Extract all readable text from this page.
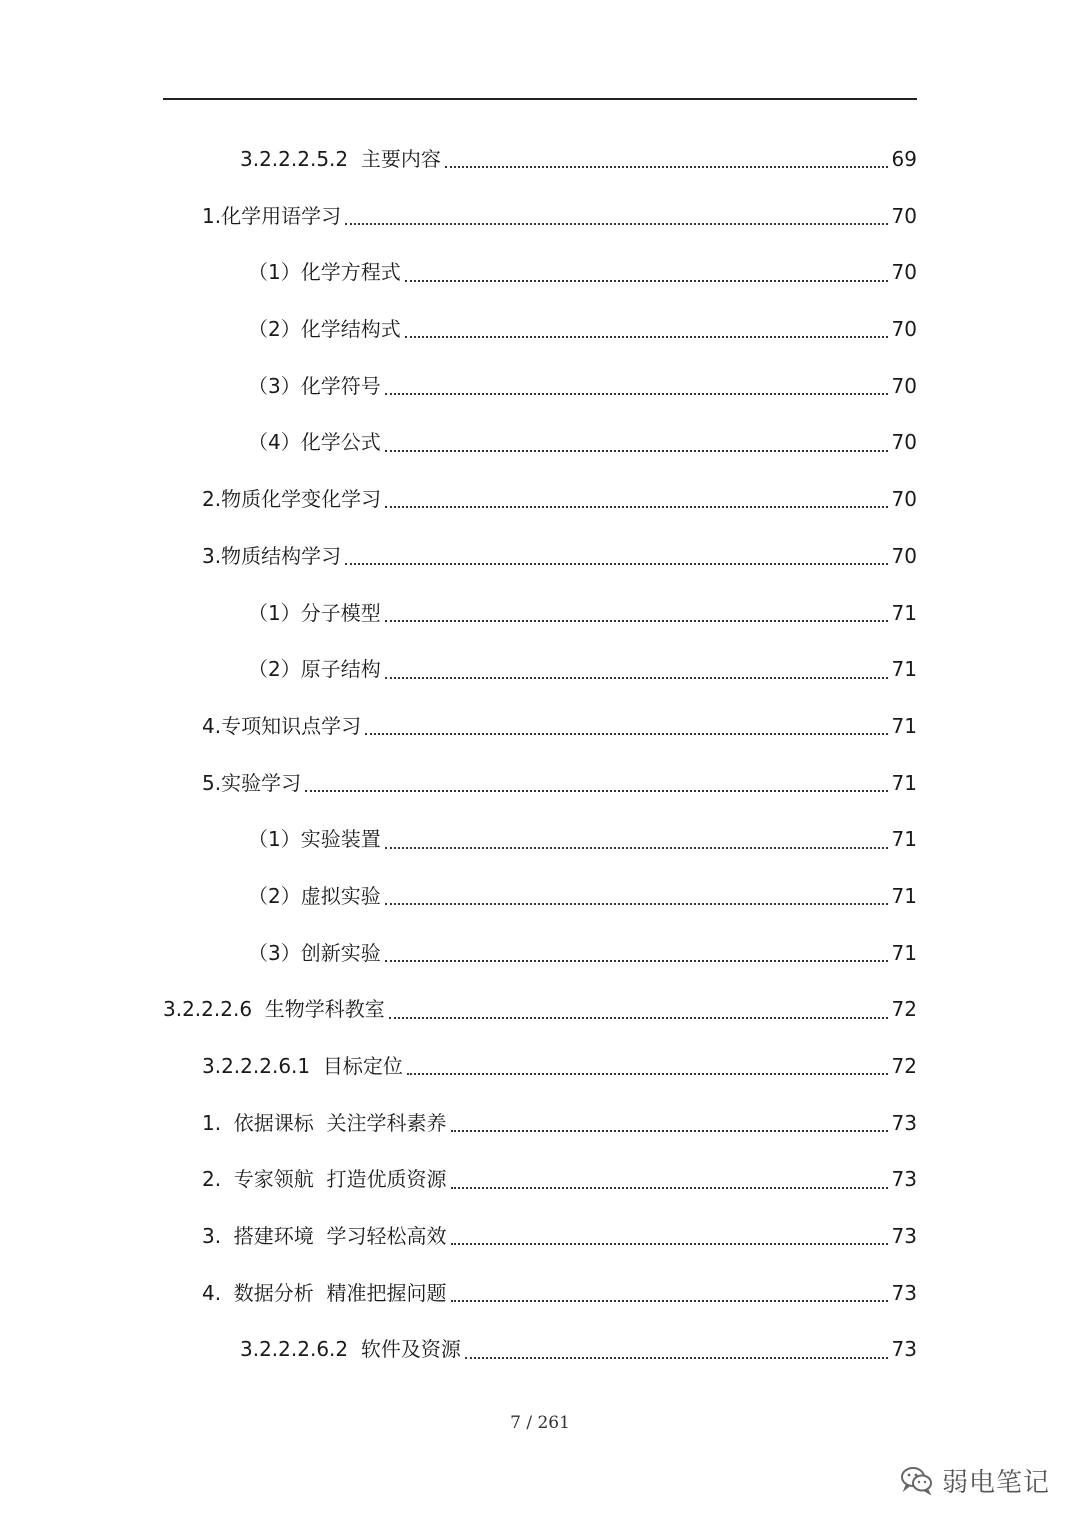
3.2.2.2.5.2  主要内容	69
1.化学用语学习	70
（1）化学方程式	70
（2）化学结构式	70
（3）化学符号	70
（4）化学公式	70
2.物质化学变化学习	70
3.物质结构学习	70
（1）分子模型	71
（2）原子结构	71
4.专项知识点学习	71
5.实验学习	71
（1）实验装置	71
（2）虚拟实验	71
（3）创新实验	71
3.2.2.2.6  生物学科教室	72
3.2.2.2.6.1  目标定位	72
1.  依据课标  关注学科素养	73
2.  专家领航  打造优质资源	73
3.  搭建环境  学习轻松高效	73
4.  数据分析  精准把握问题	73
3.2.2.2.6.2  软件及资源	73
7 / 261
弱电笔记
